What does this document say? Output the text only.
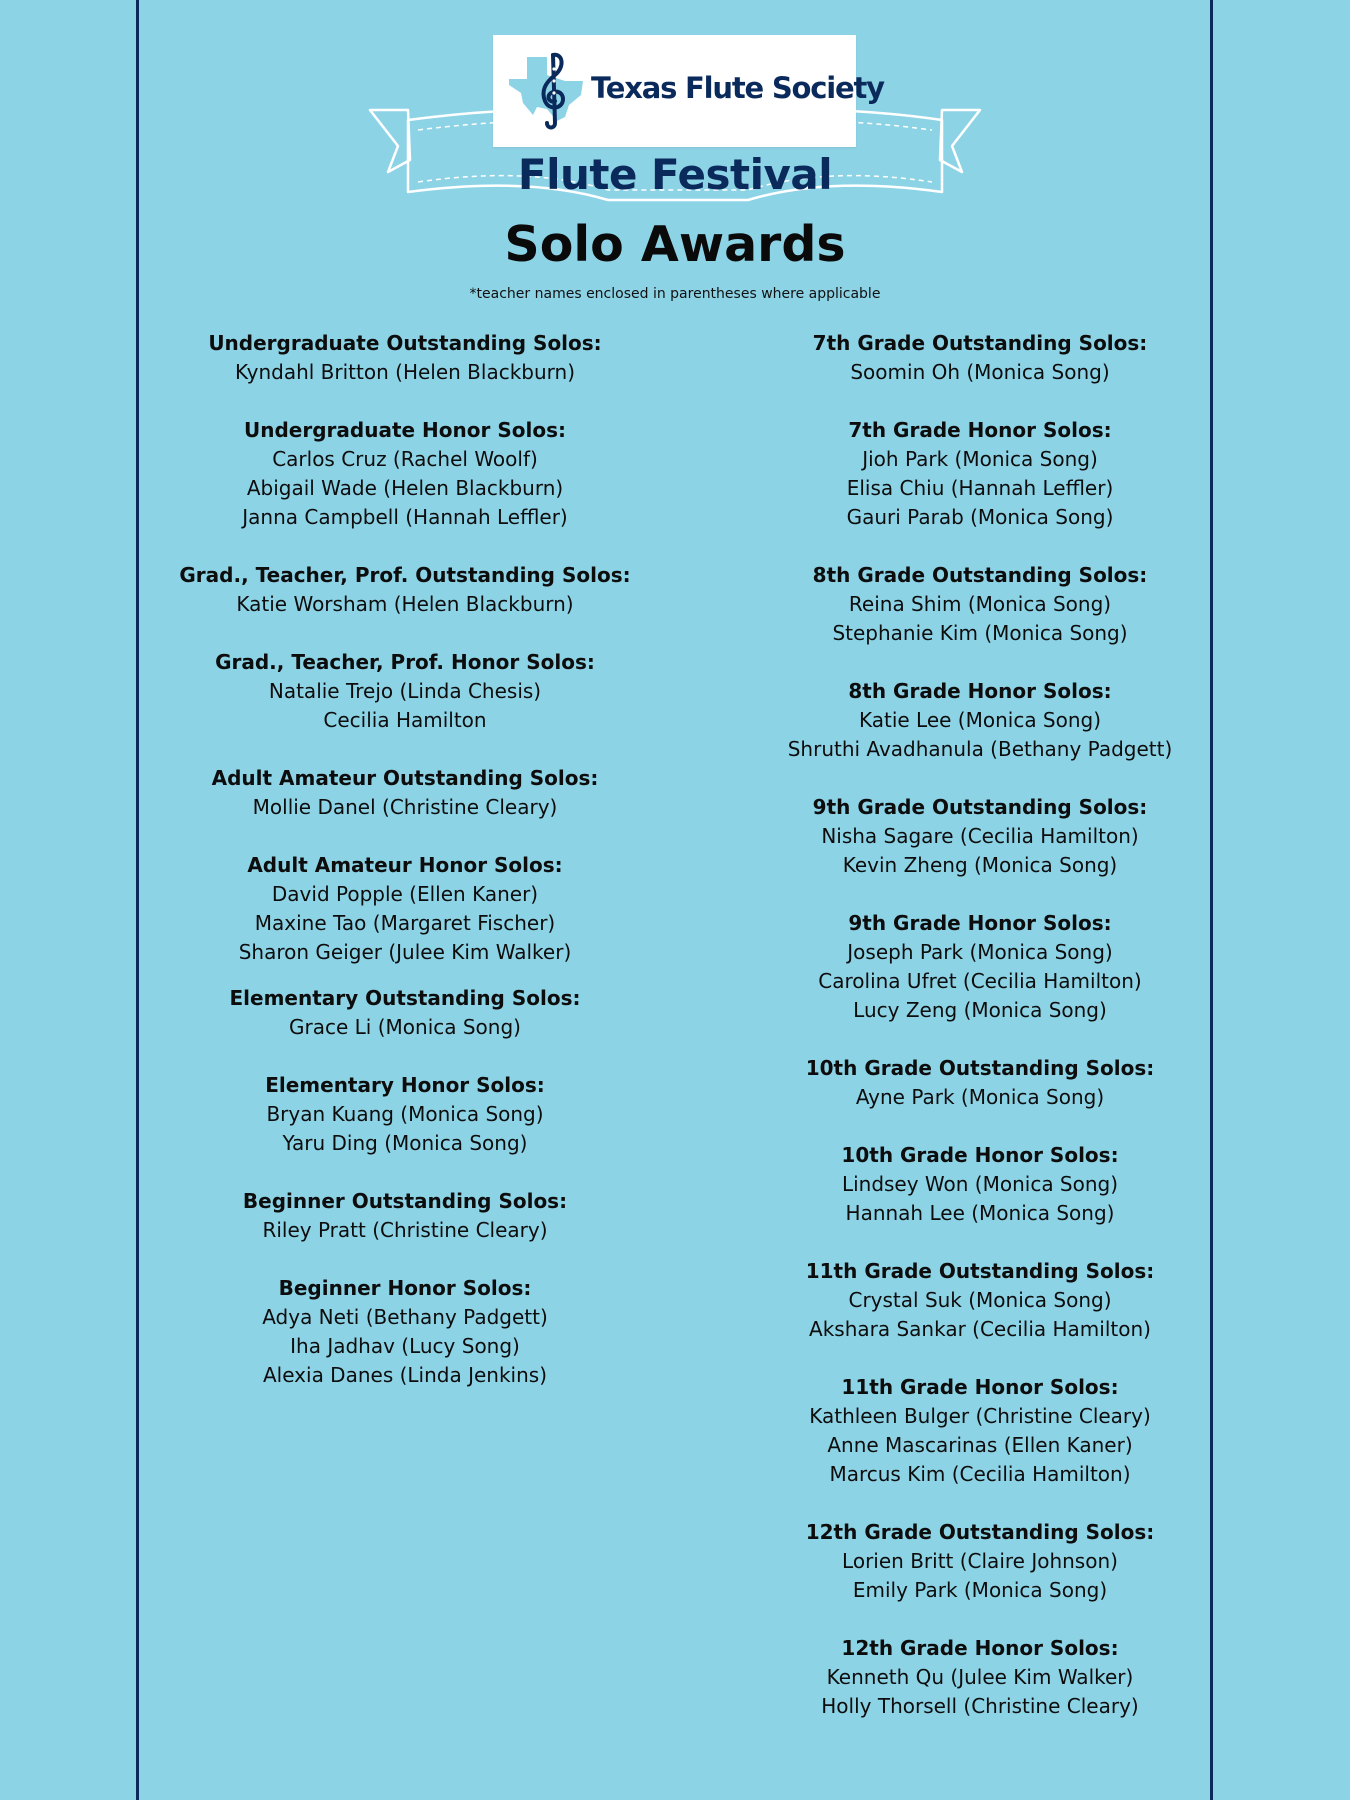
Texas Flute Society
Flute Festival
Solo Awards
*teacher names enclosed in parentheses where applicable
Undergraduate Outstanding Solos:
Kyndahl Britton (Helen Blackburn)
Undergraduate Honor Solos:
Carlos Cruz (Rachel Woolf)
Abigail Wade (Helen Blackburn)
Janna Campbell (Hannah Leffler)
Grad., Teacher, Prof. Outstanding Solos:
Katie Worsham (Helen Blackburn)
Grad., Teacher, Prof. Honor Solos:
Natalie Trejo (Linda Chesis)
Cecilia Hamilton
Adult Amateur Outstanding Solos:
Mollie Danel (Christine Cleary)
Adult Amateur Honor Solos:
David Popple (Ellen Kaner)
Maxine Tao (Margaret Fischer)
Sharon Geiger (Julee Kim Walker)
Elementary Outstanding Solos:
Grace Li (Monica Song)
Elementary Honor Solos:
Bryan Kuang (Monica Song)
Yaru Ding (Monica Song)
Beginner Outstanding Solos:
Riley Pratt (Christine Cleary)
Beginner Honor Solos:
Adya Neti (Bethany Padgett)
Iha Jadhav (Lucy Song)
Alexia Danes (Linda Jenkins)
7th Grade Outstanding Solos:
Soomin Oh (Monica Song)
7th Grade Honor Solos:
Jioh Park (Monica Song)
Elisa Chiu (Hannah Leffler)
Gauri Parab (Monica Song)
8th Grade Outstanding Solos:
Reina Shim (Monica Song)
Stephanie Kim (Monica Song)
8th Grade Honor Solos:
Katie Lee (Monica Song)
Shruthi Avadhanula (Bethany Padgett)
9th Grade Outstanding Solos:
Nisha Sagare (Cecilia Hamilton)
Kevin Zheng (Monica Song)
9th Grade Honor Solos:
Joseph Park (Monica Song)
Carolina Ufret (Cecilia Hamilton)
Lucy Zeng (Monica Song)
10th Grade Outstanding Solos:
Ayne Park (Monica Song)
10th Grade Honor Solos:
Lindsey Won (Monica Song)
Hannah Lee (Monica Song)
11th Grade Outstanding Solos:
Crystal Suk (Monica Song)
Akshara Sankar (Cecilia Hamilton)
11th Grade Honor Solos:
Kathleen Bulger (Christine Cleary)
Anne Mascarinas (Ellen Kaner)
Marcus Kim (Cecilia Hamilton)
12th Grade Outstanding Solos:
Lorien Britt (Claire Johnson)
Emily Park (Monica Song)
12th Grade Honor Solos:
Kenneth Qu (Julee Kim Walker)
Holly Thorsell (Christine Cleary)
